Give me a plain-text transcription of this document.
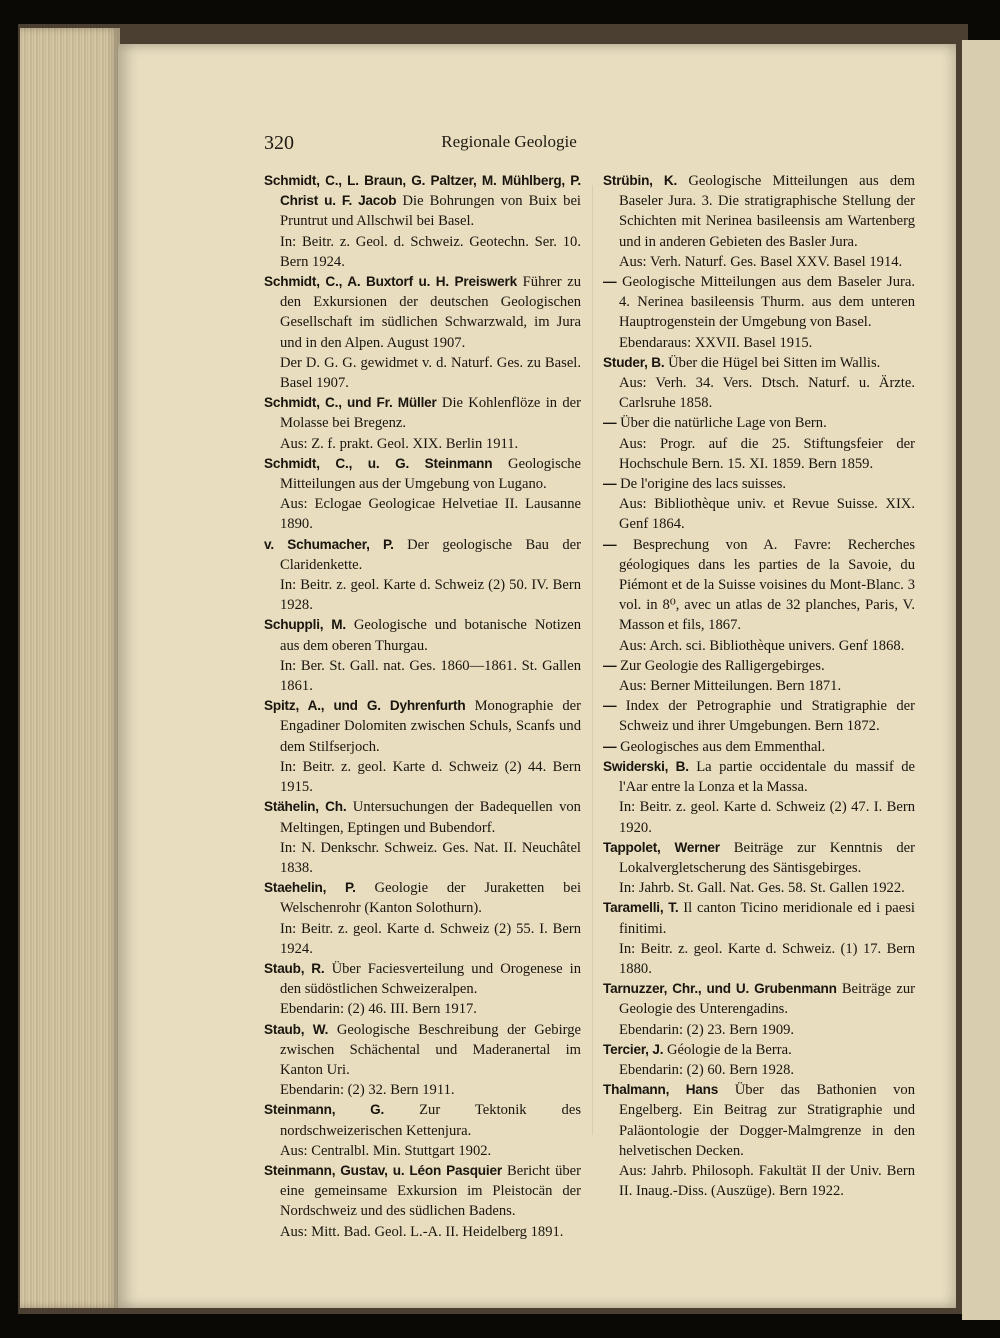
320	Regionale Geologie

Schmidt, C., L. Braun, G. Paltzer, M. Mühlberg, P. Christ u. F. Jacob Die Bohrungen von Buix bei Pruntrut und Allschwil bei Basel.

In: Beitr. z. Geol. d. Schweiz. Geotechn. Ser. 10. Bern 1924.

Schmidt, C., A. Buxtorf u. H. Preiswerk Führer zu den Exkursionen der deutschen Geologischen Gesellschaft im südlichen Schwarzwald, im Jura und in den Alpen. August 1907.

Der D. G. G. gewidmet v. d. Naturf. Ges. zu Basel. Basel 1907.

Schmidt, C., und Fr. Müller Die Kohlenflöze in der Molasse bei Bregenz.

Aus: Z. f. prakt. Geol. XIX. Berlin 1911.

Schmidt, C., u. G. Steinmann Geologische Mitteilungen aus der Umgebung von Lugano.

Aus: Eclogae Geologicae Helvetiae II. Lausanne 1890.

v. Schumacher, P. Der geologische Bau der Claridenkette.

In: Beitr. z. geol. Karte d. Schweiz (2) 50. IV. Bern 1928.

Schuppli, M. Geologische und botanische Notizen aus dem oberen Thurgau.

In: Ber. St. Gall. nat. Ges. 1860—1861. St. Gallen 1861.

Spitz, A., und G. Dyhrenfurth Monographie der Engadiner Dolomiten zwischen Schuls, Scanfs und dem Stilfserjoch.

In: Beitr. z. geol. Karte d. Schweiz (2) 44. Bern 1915.

Stähelin, Ch. Untersuchungen der Badequellen von Meltingen, Eptingen und Bubendorf.

In: N. Denkschr. Schweiz. Ges. Nat. II. Neuchâtel 1838.

Staehelin, P. Geologie der Juraketten bei Welschenrohr (Kanton Solothurn).

In: Beitr. z. geol. Karte d. Schweiz (2) 55. I. Bern 1924.

Staub, R. Über Faciesverteilung und Orogenese in den südöstlichen Schweizeralpen.

Ebendarin: (2) 46. III. Bern 1917.

Staub, W. Geologische Beschreibung der Gebirge zwischen Schächental und Maderanertal im Kanton Uri.

Ebendarin: (2) 32. Bern 1911.

Steinmann, G. Zur Tektonik des nordschweizerischen Kettenjura.

Aus: Centralbl. Min. Stuttgart 1902.

Steinmann, Gustav, u. Léon Pasquier Bericht über eine gemeinsame Exkursion im Pleistocän der Nordschweiz und des südlichen Badens.

Aus: Mitt. Bad. Geol. L.-A. II. Heidelberg 1891.

Strübin, K. Geologische Mitteilungen aus dem Baseler Jura. 3. Die stratigraphische Stellung der Schichten mit Nerinea basileensis am Wartenberg und in anderen Gebieten des Basler Jura.

Aus: Verh. Naturf. Ges. Basel XXV. Basel 1914.

— Geologische Mitteilungen aus dem Baseler Jura. 4. Nerinea basileensis Thurm. aus dem unteren Hauptrogenstein der Umgebung von Basel.

Ebendaraus: XXVII. Basel 1915.

Studer, B. Über die Hügel bei Sitten im Wallis.

Aus: Verh. 34. Vers. Dtsch. Naturf. u. Ärzte. Carlsruhe 1858.

— Über die natürliche Lage von Bern.

Aus: Progr. auf die 25. Stiftungsfeier der Hochschule Bern. 15. XI. 1859. Bern 1859.

— De l'origine des lacs suisses.

Aus: Bibliothèque univ. et Revue Suisse. XIX. Genf 1864.

— Besprechung von A. Favre: Recherches géologiques dans les parties de la Savoie, du Piémont et de la Suisse voisines du Mont-Blanc. 3 vol. in 8⁰, avec un atlas de 32 planches, Paris, V. Masson et fils, 1867.

Aus: Arch. sci. Bibliothèque univers. Genf 1868.

— Zur Geologie des Ralligergebirges.

Aus: Berner Mitteilungen. Bern 1871.

— Index der Petrographie und Stratigraphie der Schweiz und ihrer Umgebungen. Bern 1872.

— Geologisches aus dem Emmenthal.

Swiderski, B. La partie occidentale du massif de l'Aar entre la Lonza et la Massa.

In: Beitr. z. geol. Karte d. Schweiz (2) 47. I. Bern 1920.

Tappolet, Werner Beiträge zur Kenntnis der Lokalvergletscherung des Säntisgebirges.

In: Jahrb. St. Gall. Nat. Ges. 58. St. Gallen 1922.

Taramelli, T. Il canton Ticino meridionale ed i paesi finitimi.

In: Beitr. z. geol. Karte d. Schweiz. (1) 17. Bern 1880.

Tarnuzzer, Chr., und U. Grubenmann Beiträge zur Geologie des Unterengadins.

Ebendarin: (2) 23. Bern 1909.

Tercier, J. Géologie de la Berra.

Ebendarin: (2) 60. Bern 1928.

Thalmann, Hans Über das Bathonien von Engelberg. Ein Beitrag zur Stratigraphie und Paläontologie der Dogger-Malmgrenze in den helvetischen Decken.

Aus: Jahrb. Philosoph. Fakultät II der Univ. Bern II. Inaug.-Diss. (Auszüge). Bern 1922.
